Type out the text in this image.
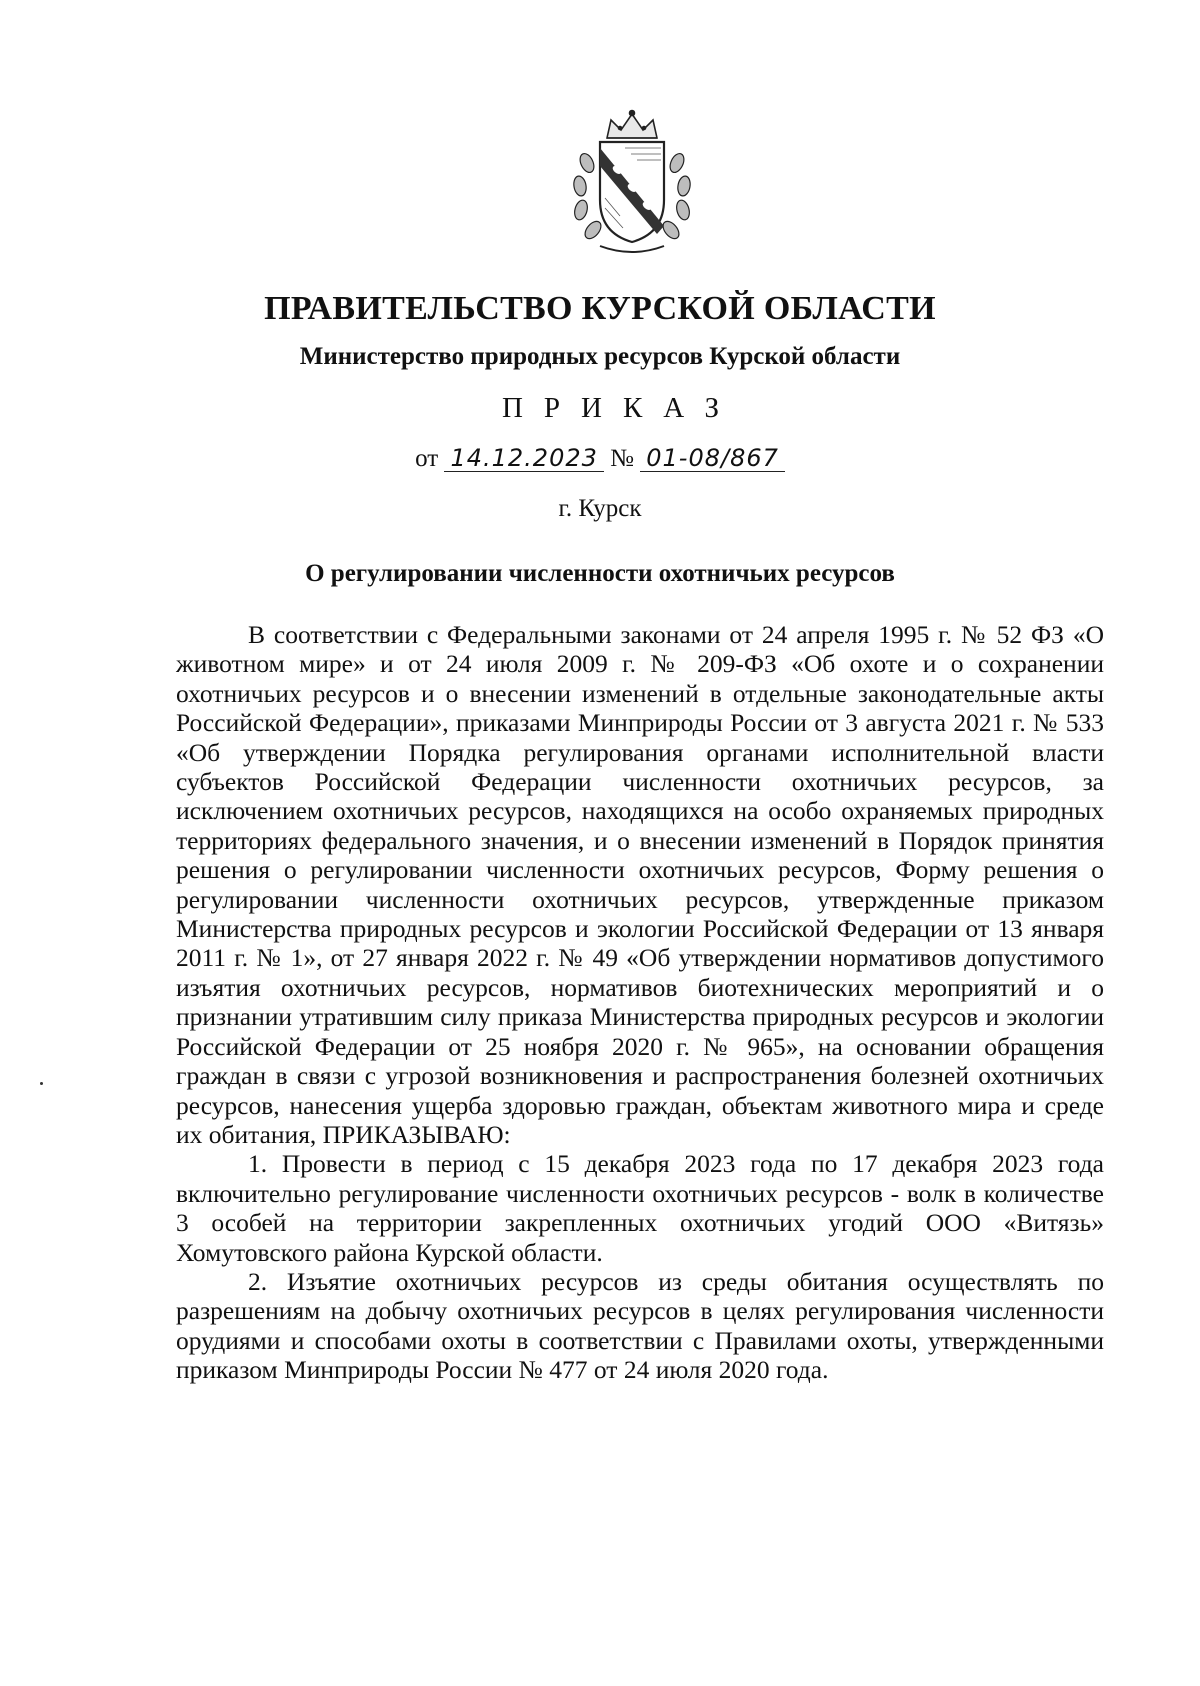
ПРАВИТЕЛЬСТВО КУРСКОЙ ОБЛАСТИ
Министерство природных ресурсов Курской области
ПРИКАЗ
от 14.12.2023 № 01-08/867
г. Курск
О регулировании численности охотничьих ресурсов

В соответствии с Федеральными законами от 24 апреля 1995 г. № 52 ФЗ «О животном мире» и от 24 июля 2009 г. № 209-ФЗ «Об охоте и о сохранении охотничьих ресурсов и о внесении изменений в отдельные законодательные акты Российской Федерации», приказами Минприроды России от 3 августа 2021 г. № 533 «Об утверждении Порядка регулирования органами исполнительной власти субъектов Российской Федерации численности охотничьих ресурсов, за исключением охотничьих ресурсов, находящихся на особо охраняемых природных территориях федерального значения, и о внесении изменений в Порядок принятия решения о регулировании численности охотничьих ресурсов, Форму решения о регулировании численности охотничьих ресурсов, утвержденные приказом Министерства природных ресурсов и экологии Российской Федерации от 13 января 2011 г. № 1», от 27 января 2022 г. № 49 «Об утверждении нормативов допустимого изъятия охотничьих ресурсов, нормативов биотехнических мероприятий и о признании утратившим силу приказа Министерства природных ресурсов и экологии Российской Федерации от 25 ноября 2020 г. № 965», на основании обращения граждан в связи с угрозой возникновения и распространения болезней охотничьих ресурсов, нанесения ущерба здоровью граждан, объектам животного мира и среде их обитания, ПРИКАЗЫВАЮ:

1. Провести в период с 15 декабря 2023 года по 17 декабря 2023 года включительно регулирование численности охотничьих ресурсов - волк в количестве 3 особей на территории закрепленных охотничьих угодий ООО «Витязь» Хомутовского района Курской области.

2. Изъятие охотничьих ресурсов из среды обитания осуществлять по разрешениям на добычу охотничьих ресурсов в целях регулирования численности орудиями и способами охоты в соответствии с Правилами охоты, утвержденными приказом Минприроды России № 477 от 24 июля 2020 года.
